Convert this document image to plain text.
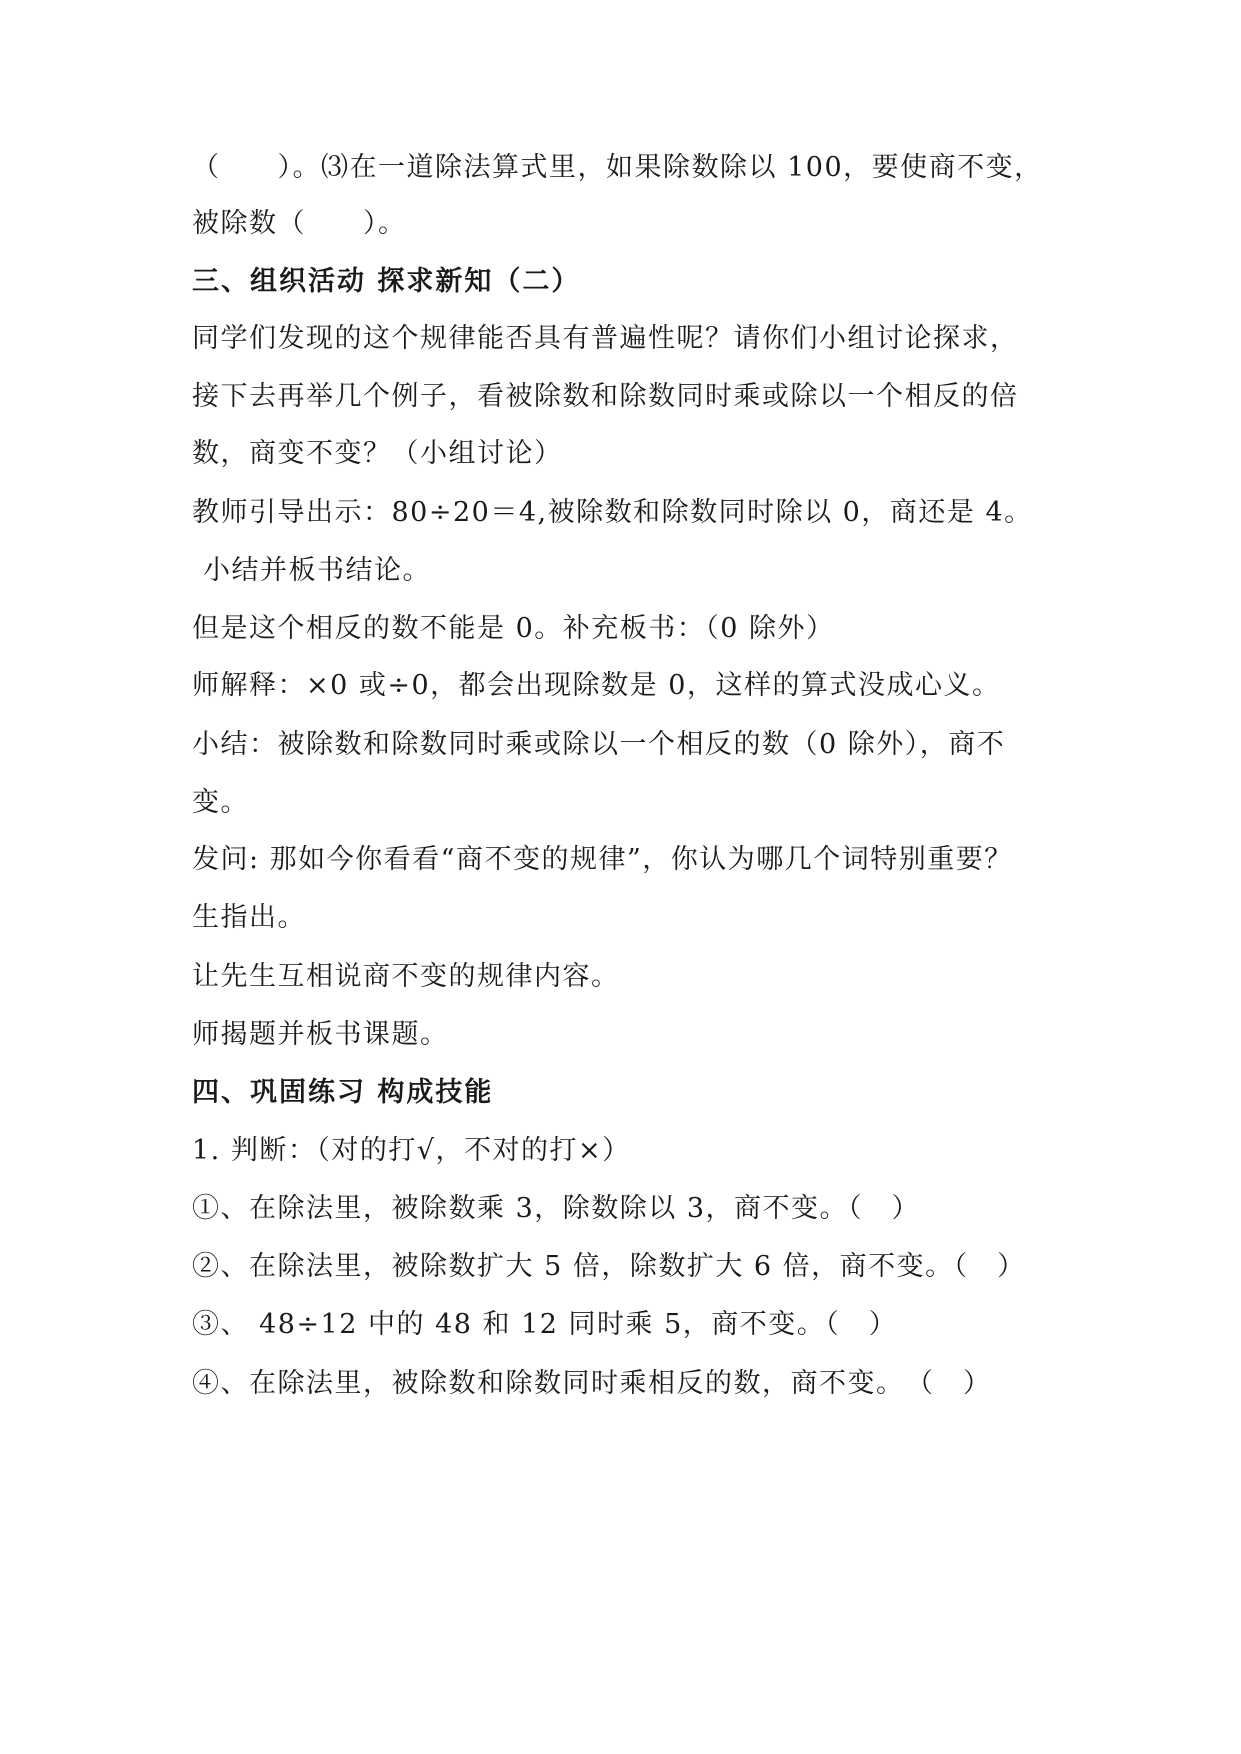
（　　）。⑶在一道除法算式里，如果除数除以 100，要使商不变，

被除数（　　）。

三、组织活动 探求新知（二）

同学们发现的这个规律能否具有普遍性呢？请你们小组讨论探求，

接下去再举几个例子，看被除数和除数同时乘或除以一个相反的倍

数，商变不变？（小组讨论）

教师引导出示：80÷20＝4,被除数和除数同时除以 0，商还是 4。

小结并板书结论。

但是这个相反的数不能是 0。补充板书：（0 除外）

师解释：×0 或÷0，都会出现除数是 0，这样的算式没成心义。

小结：被除数和除数同时乘或除以一个相反的数（0 除外），商不

变。

发问: 那如今你看看“商不变的规律”，你认为哪几个词特别重要？

生指出。

让先生互相说商不变的规律内容。

师揭题并板书课题。

四、巩固练习 构成技能

1. 判断：（对的打√，不对的打×）

①、在除法里，被除数乘 3，除数除以 3，商不变。（　）

②、在除法里，被除数扩大 5 倍，除数扩大 6 倍，商不变。（　）

③、 48÷12 中的 48 和 12 同时乘 5，商不变。（　）

④、在除法里，被除数和除数同时乘相反的数，商不变。　（　）
